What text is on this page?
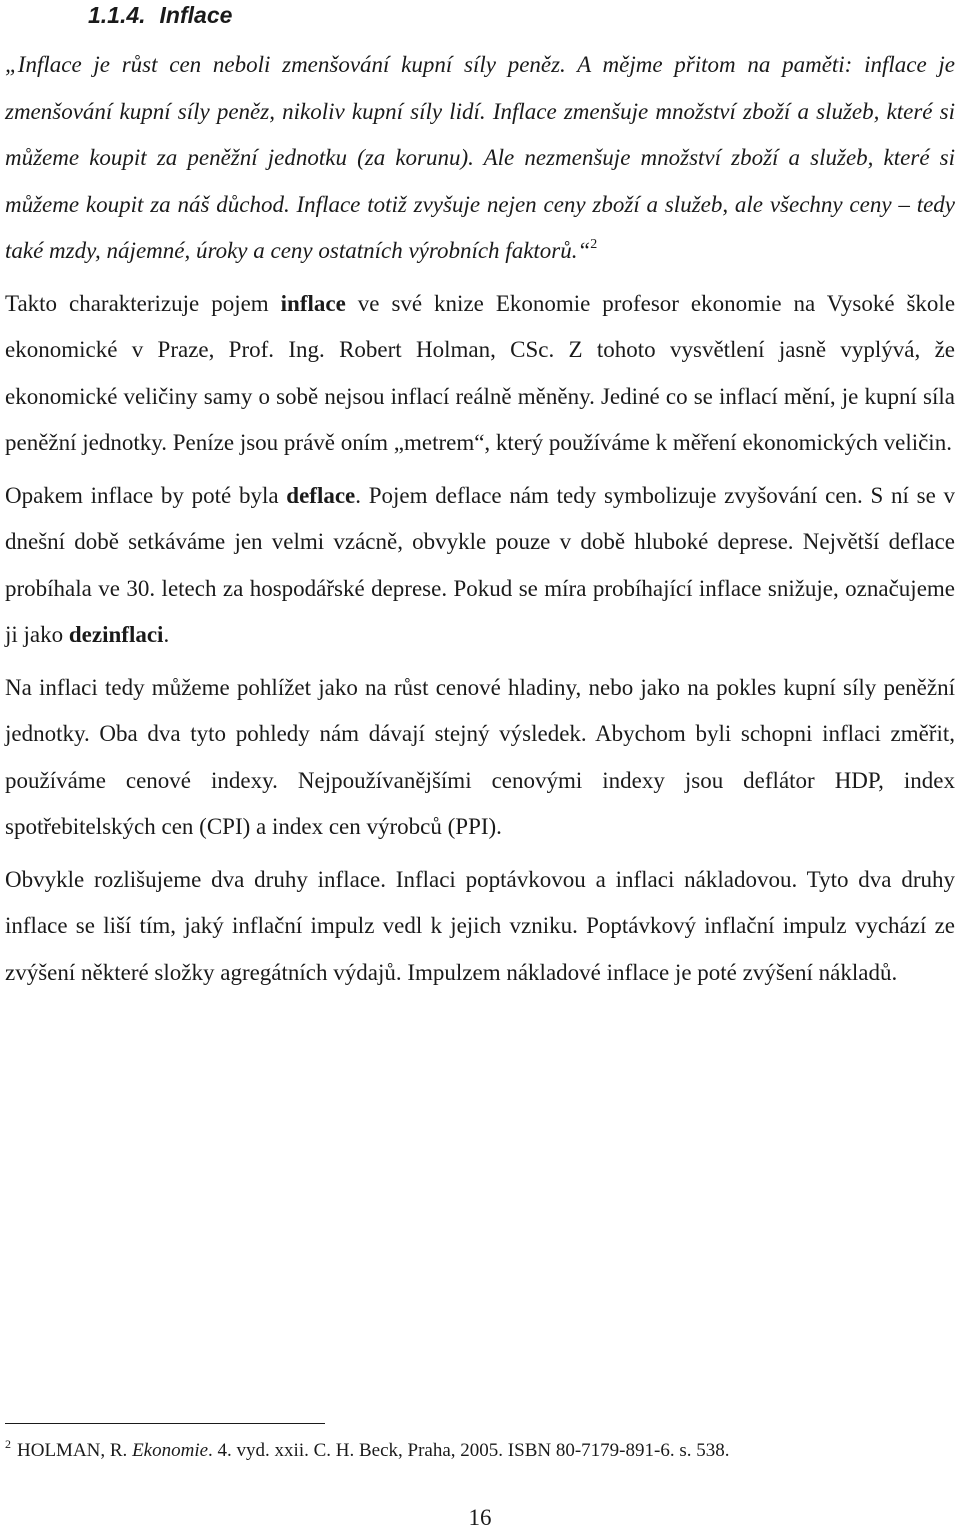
1.1.4. Inflace

„Inflace je růst cen neboli zmenšování kupní síly peněz. A mějme přitom na paměti: inflace je zmenšování kupní síly peněz, nikoliv kupní síly lidí. Inflace zmenšuje množství zboží a služeb, které si můžeme koupit za peněžní jednotku (za korunu). Ale nezmenšuje množství zboží a služeb, které si můžeme koupit za náš důchod. Inflace totiž zvyšuje nejen ceny zboží a služeb, ale všechny ceny – tedy také mzdy, nájemné, úroky a ceny ostatních výrobních faktorů.“$^2$

Takto charakterizuje pojem inflace ve své knize Ekonomie profesor ekonomie na Vysoké škole ekonomické v Praze, Prof. Ing. Robert Holman, CSc. Z tohoto vysvětlení jasně vyplývá, že ekonomické veličiny samy o sobě nejsou inflací reálně měněny. Jediné co se inflací mění, je kupní síla peněžní jednotky. Peníze jsou právě oním „metrem“, který používáme k měření ekonomických veličin.

Opakem inflace by poté byla deflace. Pojem deflace nám tedy symbolizuje zvyšování cen. S ní se v dnešní době setkáváme jen velmi vzácně, obvykle pouze v době hluboké deprese. Největší deflace probíhala ve 30. letech za hospodářské deprese. Pokud se míra probíhající inflace snižuje, označujeme ji jako dezinflaci.

Na inflaci tedy můžeme pohlížet jako na růst cenové hladiny, nebo jako na pokles kupní síly peněžní jednotky. Oba dva tyto pohledy nám dávají stejný výsledek. Abychom byli schopni inflaci změřit, používáme cenové indexy. Nejpoužívanějšími cenovými indexy jsou deflátor HDP, index spotřebitelských cen (CPI) a index cen výrobců (PPI).

Obvykle rozlišujeme dva druhy inflace. Inflaci poptávkovou a inflaci nákladovou. Tyto dva druhy inflace se liší tím, jaký inflační impulz vedl k jejich vzniku. Poptávkový inflační impulz vychází ze zvýšení některé složky agregátních výdajů. Impulzem nákladové inflace je poté zvýšení nákladů.

$^2$ HOLMAN, R. Ekonomie. 4. vyd. xxii. C. H. Beck, Praha, 2005. ISBN 80-7179-891-6. s. 538.

16
